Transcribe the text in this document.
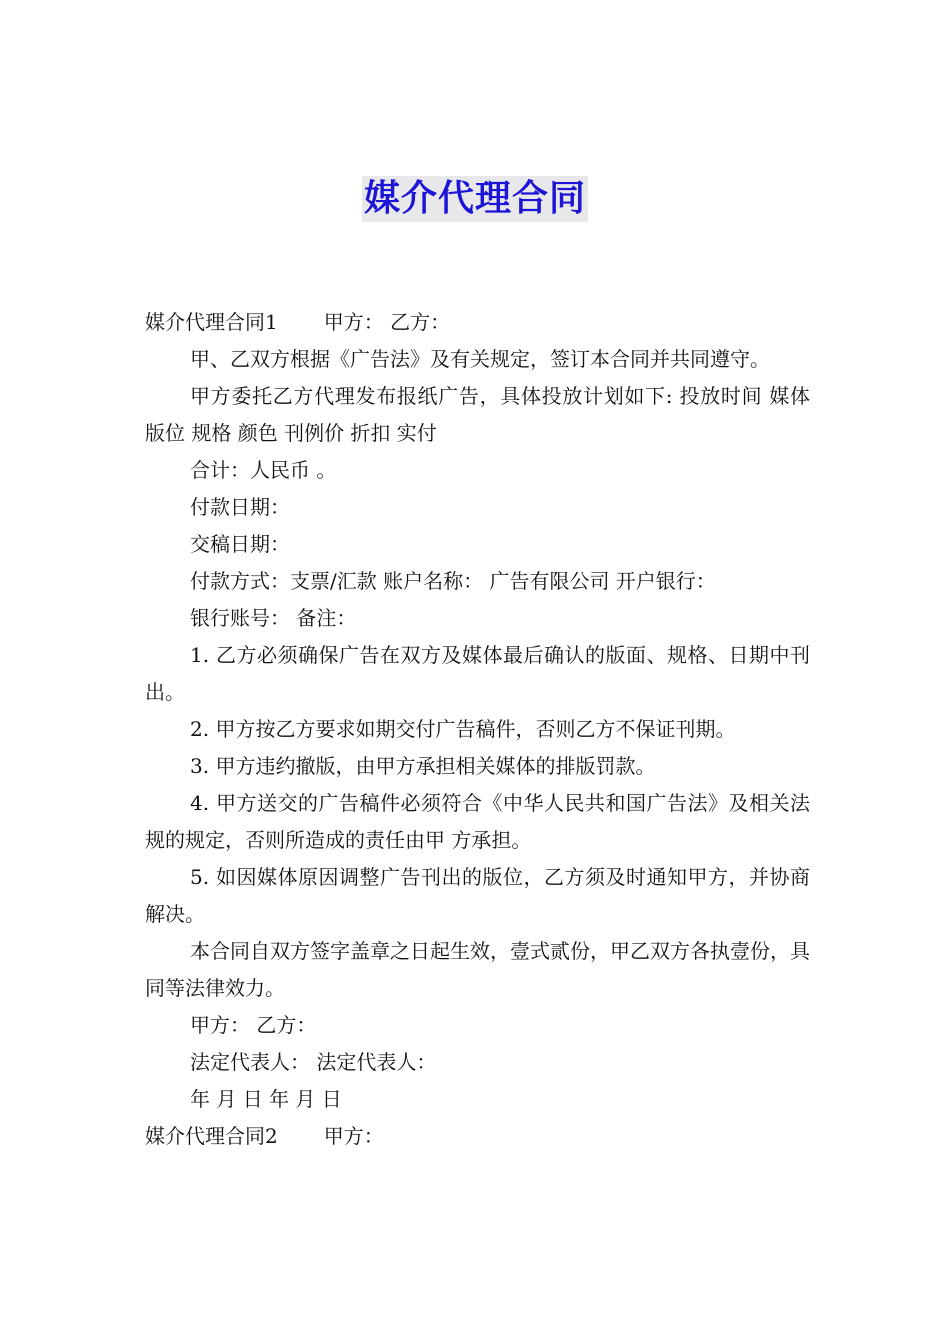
媒介代理合同

媒介代理合同1 甲方： 乙方：

甲、乙双方根据《广告法》及有关规定，签订本合同并共同遵守。

甲方委托乙方代理发布报纸广告，具体投放计划如下: 投放时间 媒体 版位 规格 颜色 刊例价 折扣 实付

合计：人民币 。

付款日期：

交稿日期：

付款方式：支票/汇款 账户名称： 广告有限公司 开户银行：

银行账号： 备注：

1. 乙方必须确保广告在双方及媒体最后确认的版面、规格、日期中刊出。

2. 甲方按乙方要求如期交付广告稿件，否则乙方不保证刊期。

3. 甲方违约撤版，由甲方承担相关媒体的排版罚款。

4. 甲方送交的广告稿件必须符合《中华人民共和国广告法》及相关法规的规定，否则所造成的责任由甲 方承担。

5. 如因媒体原因调整广告刊出的版位，乙方须及时通知甲方，并协商解决。

本合同自双方签字盖章之日起生效，壹式贰份，甲乙双方各执壹份，具同等法律效力。

甲方： 乙方：

法定代表人： 法定代表人：

年 月 日 年 月 日

媒介代理合同2 甲方：
